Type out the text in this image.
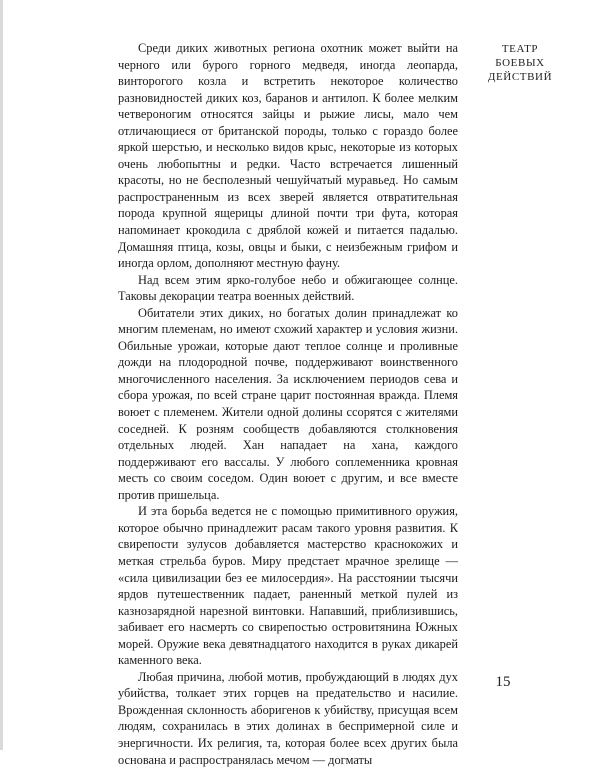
ТЕАТР
БОЕВЫХ
ДЕЙСТВИЙ

Среди диких животных региона охотник может выйти на черного или бурого горного медведя, иногда леопарда, винторогого козла и встретить некоторое количество разновидностей диких коз, баранов и антилоп. К более мелким четвероногим относятся зайцы и рыжие лисы, мало чем отличающиеся от британской породы, только с гораздо более яркой шерстью, и несколько видов крыс, некоторые из которых очень любопытны и редки. Часто встречается лишенный красоты, но не бесполезный чешуйчатый муравьед. Но самым распространенным из всех зверей является отвратительная порода крупной ящерицы длиной почти три фута, которая напоминает крокодила с дряблой кожей и питается падалью. Домашняя птица, козы, овцы и быки, с неизбежным грифом и иногда орлом, дополняют местную фауну.

Над всем этим ярко-голубое небо и обжигающее солнце. Таковы декорации театра военных действий.

Обитатели этих диких, но богатых долин принадлежат ко многим племенам, но имеют схожий характер и условия жизни. Обильные урожаи, которые дают теплое солнце и проливные дожди на плодородной почве, поддерживают воинственного многочисленного населения. За исключением периодов сева и сбора урожая, по всей стране царит постоянная вражда. Племя воюет с племенем. Жители одной долины ссорятся с жителями соседней. К розням сообществ добавляются столкновения отдельных людей. Хан нападает на хана, каждого поддерживают его вассалы. У любого соплеменника кровная месть со своим соседом. Один воюет с другим, и все вместе против пришельца.

И эта борьба ведется не с помощью примитивного оружия, которое обычно принадлежит расам такого уровня развития. К свирепости зулусов добавляется мастерство краснокожих и меткая стрельба буров. Миру предстает мрачное зрелище — «сила цивилизации без ее милосердия». На расстоянии тысячи ярдов путешественник падает, раненный меткой пулей из казнозарядной нарезной винтовки. Напавший, приблизившись, забивает его насмерть со свирепостью островитянина Южных морей. Оружие века девятнадцатого находится в руках дикарей каменного века.

Любая причина, любой мотив, пробуждающий в людях дух убийства, толкает этих горцев на предательство и насилие. Врожденная склонность аборигенов к убийству, присущая всем людям, сохранилась в этих долинах в беспримерной силе и энергичности. Их религия, та, которая более всех других была основана и распространялась мечом — догматы

15
